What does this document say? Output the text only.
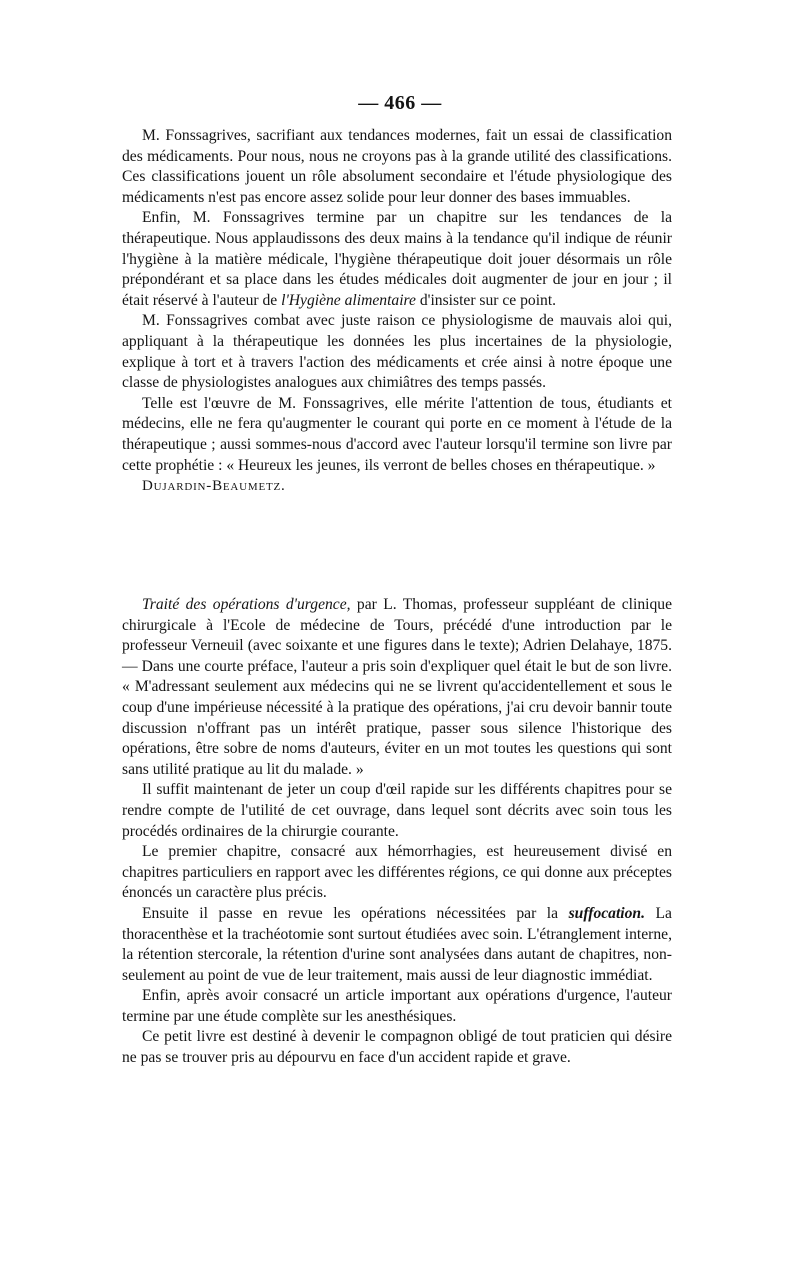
— 466 —

M. Fonssagrives, sacrifiant aux tendances modernes, fait un essai de classification des médicaments. Pour nous, nous ne croyons pas à la grande utilité des classifications. Ces classifications jouent un rôle absolument secondaire et l'étude physiologique des médicaments n'est pas encore assez solide pour leur donner des bases immuables.

Enfin, M. Fonssagrives termine par un chapitre sur les tendances de la thérapeutique. Nous applaudissons des deux mains à la tendance qu'il indique de réunir l'hygiène à la matière médicale, l'hygiène thérapeutique doit jouer désormais un rôle prépondérant et sa place dans les études médicales doit augmenter de jour en jour ; il était réservé à l'auteur de l'Hygiène alimentaire d'insister sur ce point.

M. Fonssagrives combat avec juste raison ce physiologisme de mauvais aloi qui, appliquant à la thérapeutique les données les plus incertaines de la physiologie, explique à tort et à travers l'action des médicaments et crée ainsi à notre époque une classe de physiologistes analogues aux chimiâtres des temps passés.

Telle est l'œuvre de M. Fonssagrives, elle mérite l'attention de tous, étudiants et médecins, elle ne fera qu'augmenter le courant qui porte en ce moment à l'étude de la thérapeutique ; aussi sommes-nous d'accord avec l'auteur lorsqu'il termine son livre par cette prophétie : « Heureux les jeunes, ils verront de belles choses en thérapeutique. »

Dujardin-Beaumetz.

Traité des opérations d'urgence, par L. Thomas, professeur suppléant de clinique chirurgicale à l'Ecole de médecine de Tours, précédé d'une introduction par le professeur Verneuil (avec soixante et une figures dans le texte); Adrien Delahaye, 1875. — Dans une courte préface, l'auteur a pris soin d'expliquer quel était le but de son livre. « M'adressant seulement aux médecins qui ne se livrent qu'accidentellement et sous le coup d'une impérieuse nécessité à la pratique des opérations, j'ai cru devoir bannir toute discussion n'offrant pas un intérêt pratique, passer sous silence l'historique des opérations, être sobre de noms d'auteurs, éviter en un mot toutes les questions qui sont sans utilité pratique au lit du malade. »

Il suffit maintenant de jeter un coup d'œil rapide sur les différents chapitres pour se rendre compte de l'utilité de cet ouvrage, dans lequel sont décrits avec soin tous les procédés ordinaires de la chirurgie courante.

Le premier chapitre, consacré aux hémorrhagies, est heureusement divisé en chapitres particuliers en rapport avec les différentes régions, ce qui donne aux préceptes énoncés un caractère plus précis.

Ensuite il passe en revue les opérations nécessitées par la suffocation. La thoracenthèse et la trachéotomie sont surtout étudiées avec soin. L'étranglement interne, la rétention stercorale, la rétention d'urine sont analysées dans autant de chapitres, non-seulement au point de vue de leur traitement, mais aussi de leur diagnostic immédiat.

Enfin, après avoir consacré un article important aux opérations d'urgence, l'auteur termine par une étude complète sur les anesthésiques.

Ce petit livre est destiné à devenir le compagnon obligé de tout praticien qui désire ne pas se trouver pris au dépourvu en face d'un accident rapide et grave.
